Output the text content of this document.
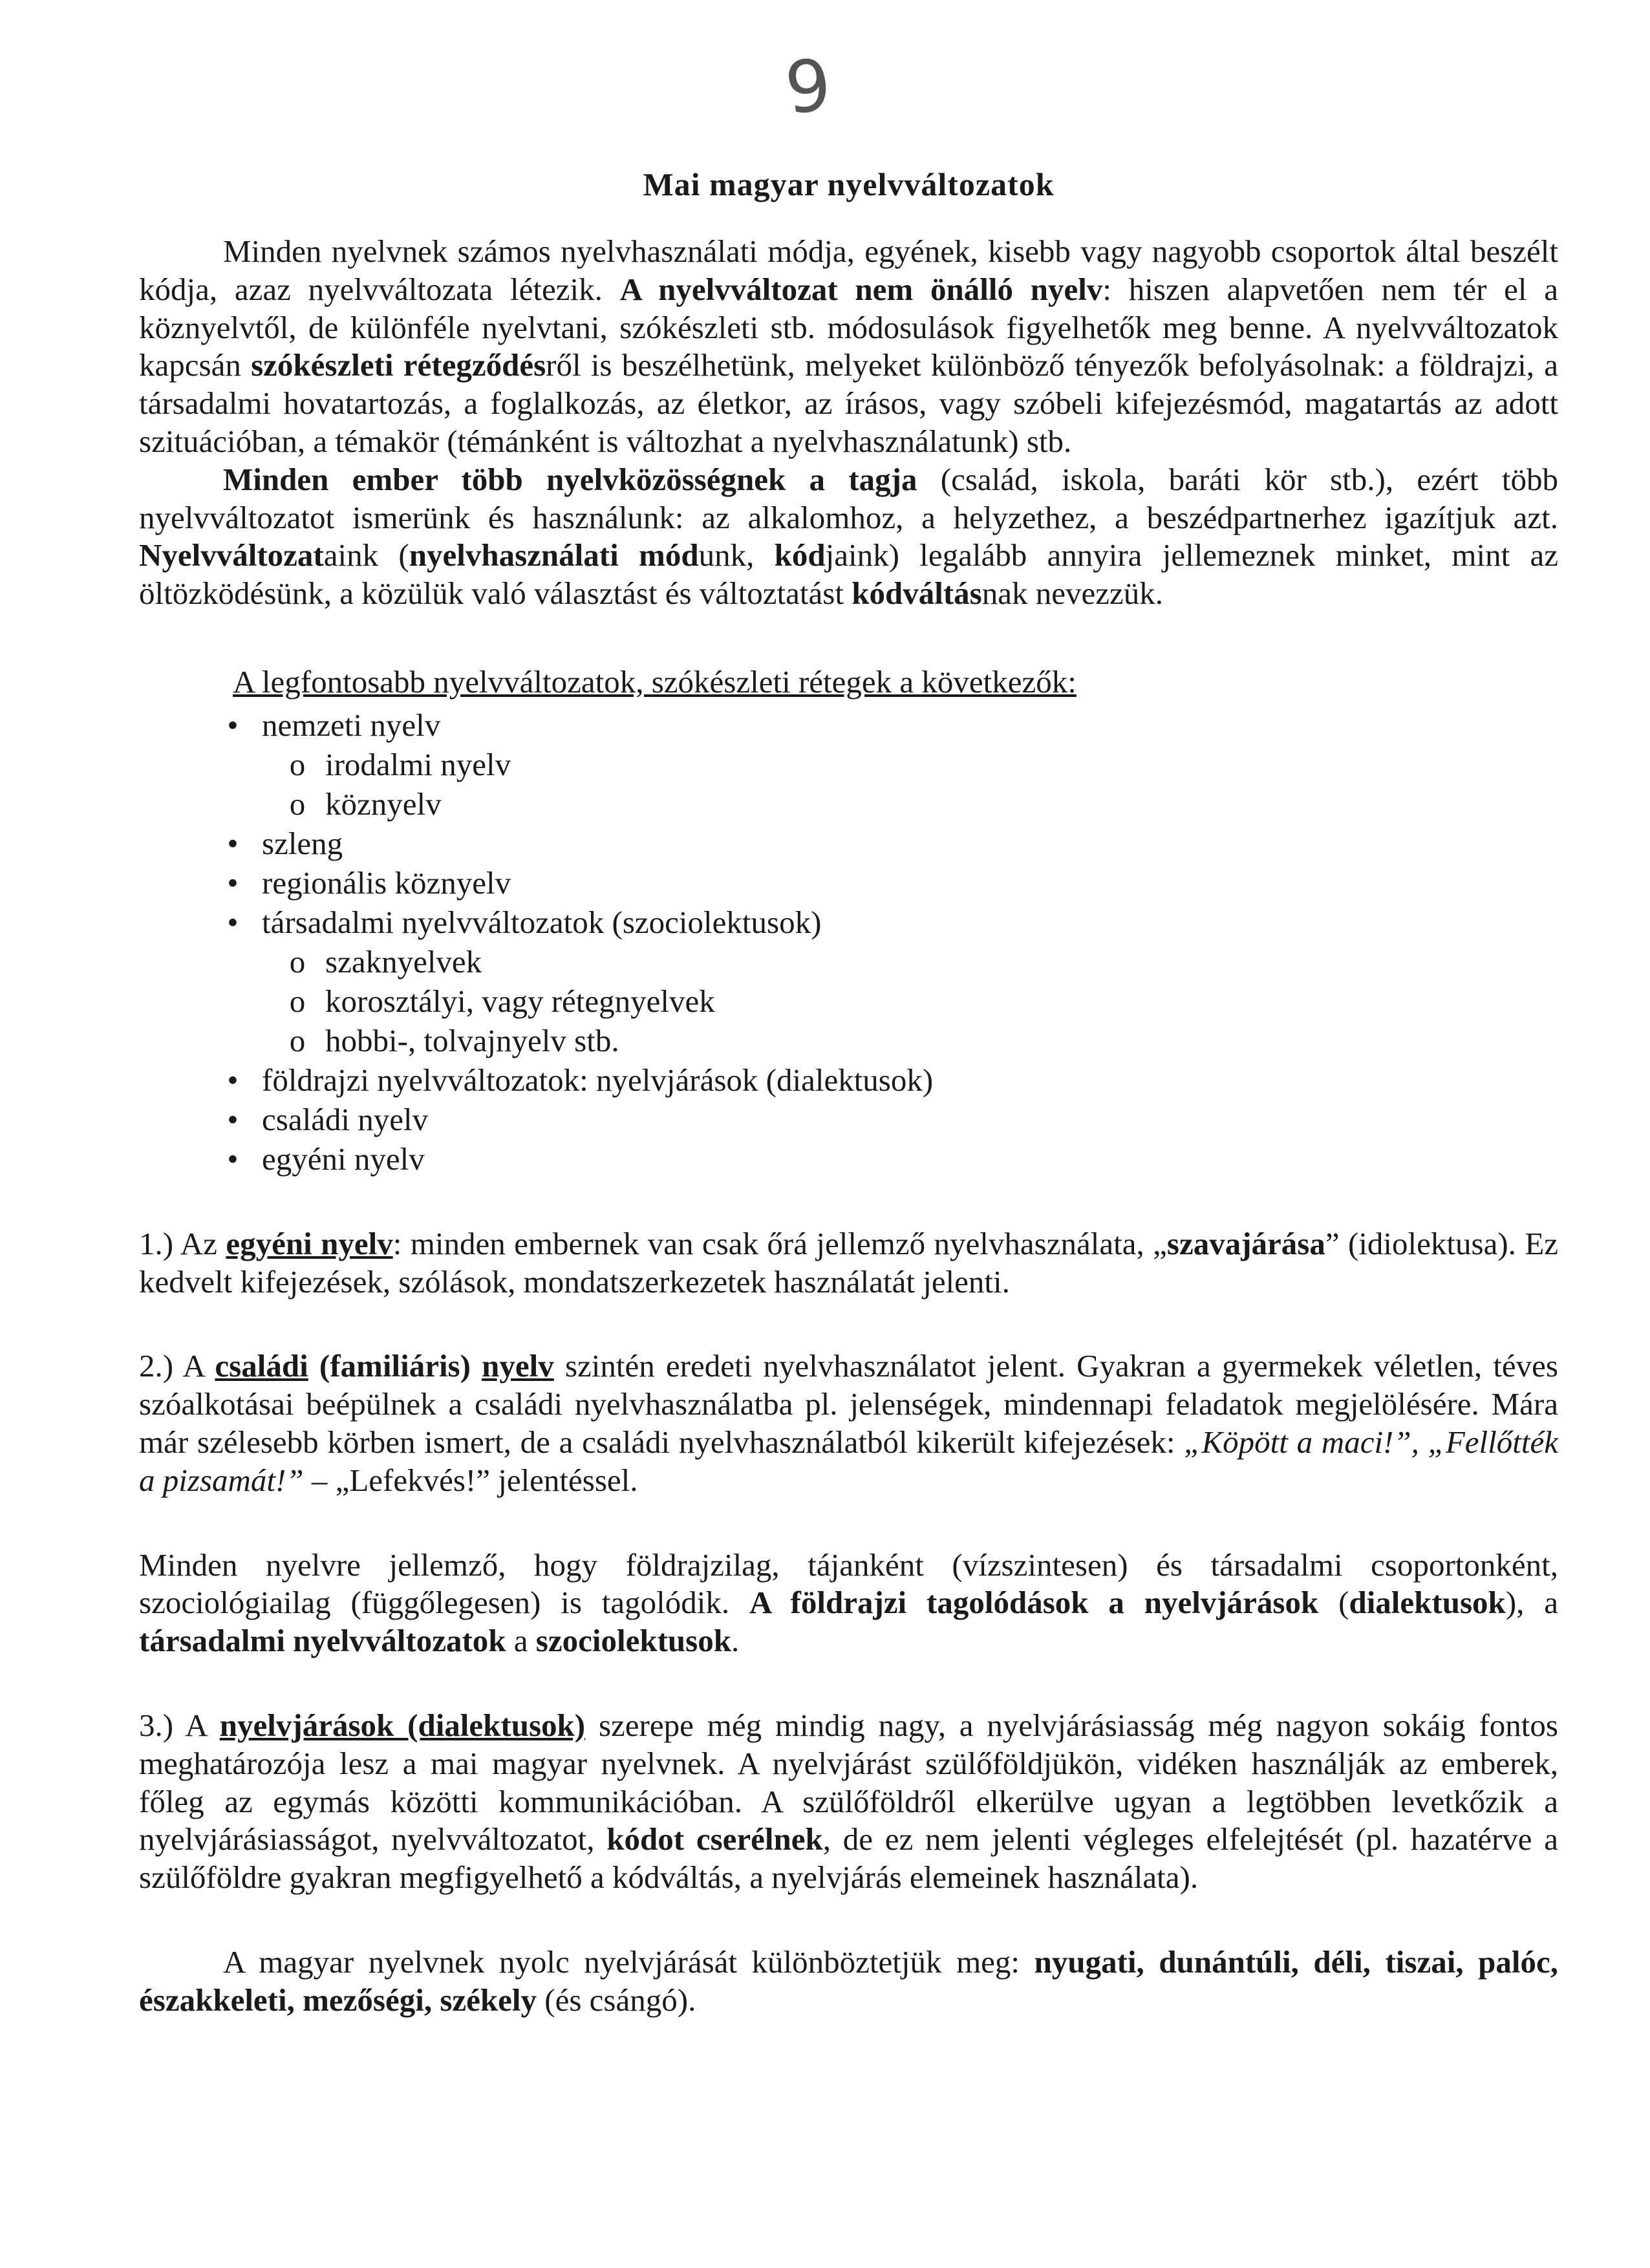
9
Mai magyar nyelvváltozatok

Minden nyelvnek számos nyelvhasználati módja, egyének, kisebb vagy nagyobb csoportok által beszélt kódja, azaz nyelvváltozata létezik. A nyelvváltozat nem önálló nyelv: hiszen alapvetően nem tér el a köznyelvtől, de különféle nyelvtani, szókészleti stb. módosulások figyelhetők meg benne. A nyelvváltozatok kapcsán szókészleti rétegződésről is beszélhetünk, melyeket különböző tényezők befolyásolnak: a földrajzi, a társadalmi hovatartozás, a foglalkozás, az életkor, az írásos, vagy szóbeli kifejezésmód, magatartás az adott szituációban, a témakör (témánként is változhat a nyelvhasználatunk) stb.

Minden ember több nyelvközösségnek a tagja (család, iskola, baráti kör stb.), ezért több nyelvváltozatot ismerünk és használunk: az alkalomhoz, a helyzethez, a beszédpartnerhez igazítjuk azt. Nyelvváltozataink (nyelvhasználati módunk, kódjaink) legalább annyira jellemeznek minket, mint az öltözködésünk, a közülük való választást és változtatást kódváltásnak nevezzük.

A legfontosabb nyelvváltozatok, szókészleti rétegek a következők:
• nemzeti nyelv
o irodalmi nyelv
o köznyelv
• szleng
• regionális köznyelv
• társadalmi nyelvváltozatok (szociolektusok)
o szaknyelvek
o korosztályi, vagy rétegnyelvek
o hobbi-, tolvajnyelv stb.
• földrajzi nyelvváltozatok: nyelvjárások (dialektusok)
• családi nyelv
• egyéni nyelv

1.) Az egyéni nyelv: minden embernek van csak őrá jellemző nyelvhasználata, „szavajárása” (idiolektusa). Ez kedvelt kifejezések, szólások, mondatszerkezetek használatát jelenti.

2.) A családi (familiáris) nyelv szintén eredeti nyelvhasználatot jelent. Gyakran a gyermekek véletlen, téves szóalkotásai beépülnek a családi nyelvhasználatba pl. jelenségek, mindennapi feladatok megjelölésére. Mára már szélesebb körben ismert, de a családi nyelvhasználatból kikerült kifejezések: „Köpött a maci!”, „Fellőtték a pizsamát!” – „Lefekvés!” jelentéssel.

Minden nyelvre jellemző, hogy földrajzilag, tájanként (vízszintesen) és társadalmi csoportonként, szociológiailag (függőlegesen) is tagolódik. A földrajzi tagolódások a nyelvjárások (dialektusok), a társadalmi nyelvváltozatok a szociolektusok.

3.) A nyelvjárások (dialektusok) szerepe még mindig nagy, a nyelvjárásiasság még nagyon sokáig fontos meghatározója lesz a mai magyar nyelvnek. A nyelvjárást szülőföldjükön, vidéken használják az emberek, főleg az egymás közötti kommunikációban. A szülőföldről elkerülve ugyan a legtöbben levetkőzik a nyelvjárásiasságot, nyelvváltozatot, kódot cserélnek, de ez nem jelenti végleges elfelejtését (pl. hazatérve a szülőföldre gyakran megfigyelhető a kódváltás, a nyelvjárás elemeinek használata).

A magyar nyelvnek nyolc nyelvjárását különböztetjük meg: nyugati, dunántúli, déli, tiszai, palóc, északkeleti, mezőségi, székely (és csángó).
